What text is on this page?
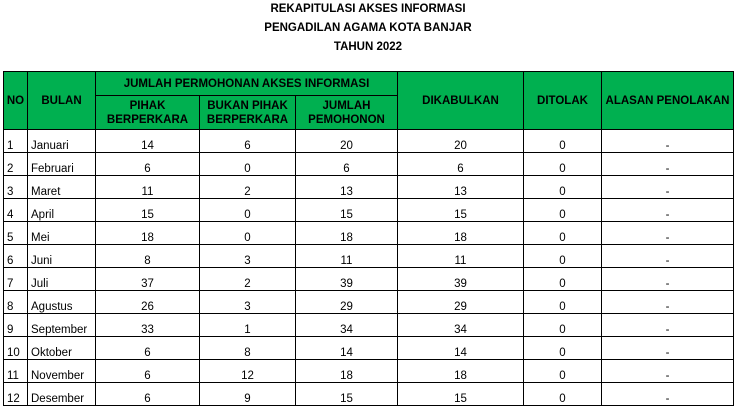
REKAPITULASI AKSES INFORMASI
PENGADILAN AGAMA KOTA BANJAR
TAHUN 2022
NO	BULAN	JUMLAH PERMOHONAN AKSES INFORMASI			DIKABULKAN	DITOLAK	ALASAN PENOLAKAN
		PIHAK BERPERKARA	BUKAN PIHAK BERPERKARA	JUMLAH PEMOHONON			
1	Januari	14	6	20	20	0	-
2	Februari	6	0	6	6	0	-
3	Maret	11	2	13	13	0	-
4	April	15	0	15	15	0	-
5	Mei	18	0	18	18	0	-
6	Juni	8	3	11	11	0	-
7	Juli	37	2	39	39	0	-
8	Agustus	26	3	29	29	0	-
9	September	33	1	34	34	0	-
10	Oktober	6	8	14	14	0	-
11	November	6	12	18	18	0	-
12	Desember	6	9	15	15	0	-
